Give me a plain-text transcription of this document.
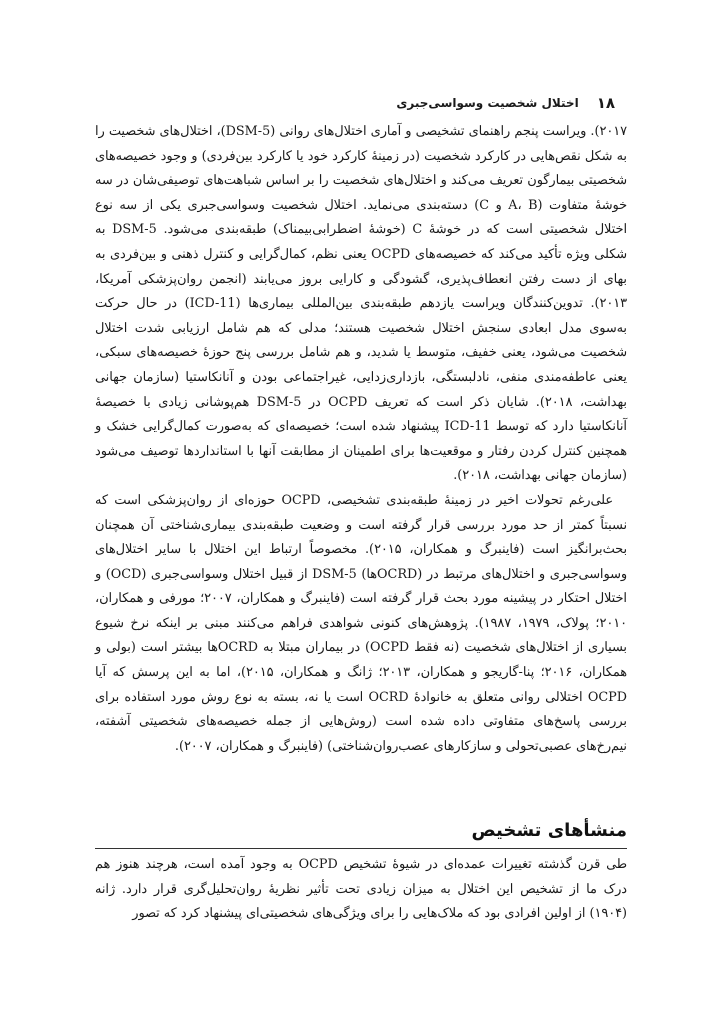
۱۸
اختلال شخصیت وسواسی‌جبری

۲۰۱۷). ویراست پنجم راهنمای تشخیصی و آماری اختلال‌های روانی (DSM-5)، اختلال‌های شخصیت را به شکل نقص‌هایی در کارکرد شخصیت (در زمینهٔ کارکرد خود یا کارکرد بین‌فردی) و وجود خصیصه‌های شخصیتی بیمارگون تعریف می‌کند و اختلال‌های شخصیت را بر اساس شباهت‌های توصیفی‌شان در سه خوشهٔ متفاوت (A، B و C) دسته‌بندی می‌نماید. اختلال شخصیت وسواسی‌جبری یکی از سه نوع اختلال شخصیتی است که در خوشهٔ C (خوشهٔ اضطرابی‌بیمناک) طبقه‌بندی می‌شود. DSM-5 به شکلی ویژه تأکید می‌کند که خصیصه‌های OCPD یعنی نظم، کمال‌گرایی و کنترل ذهنی و بین‌فردی به بهای از دست رفتن انعطاف‌پذیری، گشودگی و کارایی بروز می‌یابند (انجمن روان‌پزشکی آمریکا، ۲۰۱۳). تدوین‌کنندگان ویراست یازدهم طبقه‌بندی بین‌المللی بیماری‌ها (ICD-11) در حال حرکت به‌سوی مدل ابعادی سنجش اختلال شخصیت هستند؛ مدلی که هم شامل ارزیابی شدت اختلال شخصیت می‌شود، یعنی خفیف، متوسط یا شدید، و هم شامل بررسی پنج حوزهٔ خصیصه‌های سبکی، یعنی عاطفه‌مندی منفی، نادلبستگی، بازداری‌زدایی، غیراجتماعی بودن و آنانکاستیا (سازمان جهانی بهداشت، ۲۰۱۸). شایان ذکر است که تعریف OCPD در DSM-5 هم‌پوشانی زیادی با خصیصهٔ آنانکاستیا دارد که توسط ICD-11 پیشنهاد شده است؛ خصیصه‌ای که به‌صورت کمال‌گرایی خشک و همچنین کنترل کردن رفتار و موقعیت‌ها برای اطمینان از مطابقت آنها با استانداردها توصیف می‌شود (سازمان جهانی بهداشت، ۲۰۱۸).

علی‌رغم تحولات اخیر در زمینهٔ طبقه‌بندی تشخیصی، OCPD حوزه‌ای از روان‌پزشکی است که نسبتاً کمتر از حد مورد بررسی قرار گرفته است و وضعیت طبقه‌بندی بیماری‌شناختی آن همچنان بحث‌برانگیز است (فاینبرگ و همکاران، ۲۰۱۵). مخصوصاً ارتباط این اختلال با سایر اختلال‌های وسواسی‌جبری و اختلال‌های مرتبط در (OCRDها) DSM-5 از قبیل اختلال وسواسی‌جبری (OCD) و اختلال احتکار در پیشینه مورد بحث قرار گرفته است (فاینبرگ و همکاران، ۲۰۰۷؛ مورفی و همکاران، ۲۰۱۰؛ پولاک، ۱۹۷۹، ۱۹۸۷). پژوهش‌های کنونی شواهدی فراهم می‌کنند مبنی بر اینکه نرخ شیوع بسیاری از اختلال‌های شخصیت (نه فقط OCPD) در بیماران مبتلا به OCRDها بیشتر است (بولی و همکاران، ۲۰۱۶؛ پنا-گاریجو و همکاران، ۲۰۱۳؛ ژانگ و همکاران، ۲۰۱۵)، اما به این پرسش که آیا OCPD اختلالی روانی متعلق به خانوادهٔ OCRD است یا نه، بسته به نوع روش مورد استفاده برای بررسی پاسخ‌های متفاوتی داده شده است (روش‌هایی از جمله خصیصه‌های شخصیتی آشفته، نیم‌رخ‌های عصبی‌تحولی و سازکارهای عصب‌روان‌شناختی) (فاینبرگ و همکاران، ۲۰۰۷).

منشأهای تشخیص

طی قرن گذشته تغییرات عمده‌ای در شیوهٔ تشخیص OCPD به وجود آمده است، هرچند هنوز هم درک ما از تشخیص این اختلال به میزان زیادی تحت تأثیر نظریهٔ روان‌تحلیل‌گری قرار دارد. ژانه (۱۹۰۴) از اولین افرادی بود که ملاک‌هایی را برای ویژگی‌های شخصیتی‌ای پیشنهاد کرد که تصور
